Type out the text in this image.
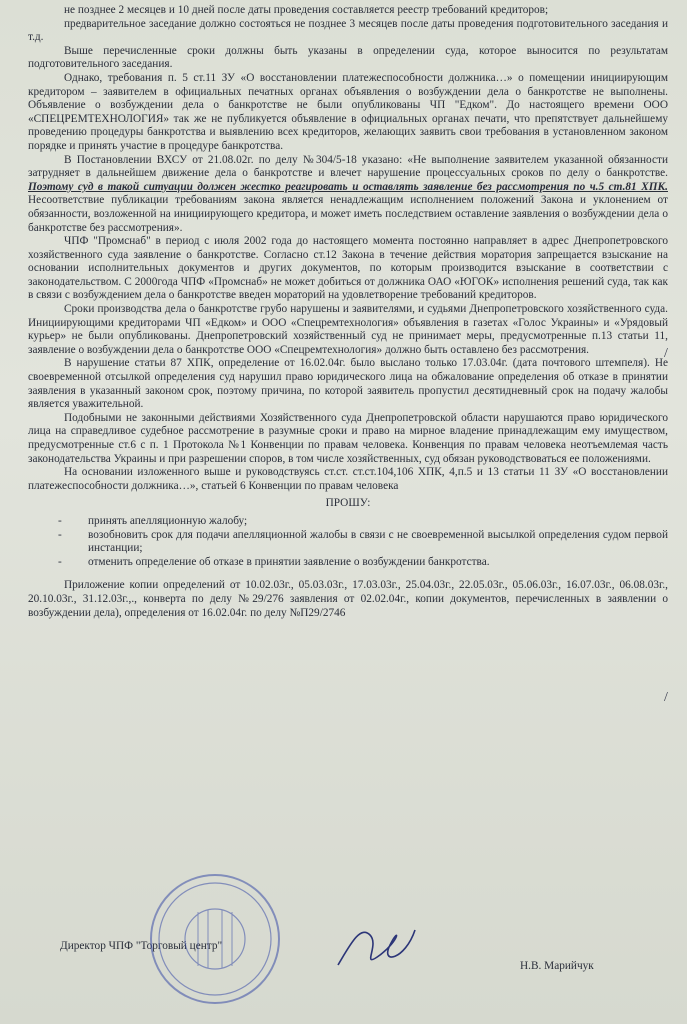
не позднее 2 месяцев и 10 дней после даты проведения составляется реестр требований кредиторов;

предварительное заседание должно состояться не позднее 3 месяцев после даты проведения подготовительного заседания и т.д.

Выше перечисленные сроки должны быть указаны в определении суда, которое выносится по результатам подготовительного заседания.

Однако, требования п. 5 ст.11 ЗУ «О восстановлении платежеспособности должника…» о помещении инициирующим кредитором – заявителем в официальных печатных органах объявления о возбуждении дела о банкротстве не выполнены. Объявление о возбуждении дела о банкротстве не были опубликованы ЧП "Едком". До настоящего времени ООО «СПЕЦРЕМТЕХНОЛОГИЯ» так же не публикуется объявление в официальных органах печати, что препятствует дальнейшему проведению процедуры банкротства и выявлению всех кредиторов, желающих заявить свои требования в установленном законом порядке и принять участие в процедуре банкротства.

В Постановлении ВХСУ от 21.08.02г. по делу №304/5-18 указано: «Не выполнение заявителем указанной обязанности затрудняет в дальнейшем движение дела о банкротстве и влечет нарушение процессуальных сроков по делу о банкротстве. Поэтому суд в такой ситуации должен жестко реагировать и оставлять заявление без рассмотрения по ч.5 ст.81 ХПК. Несоответствие публикации требованиям закона является ненадлежащим исполнением положений Закона и уклонением от обязанности, возложенной на инициирующего кредитора, и может иметь последствием оставление заявления о возбуждении дела о банкротстве без рассмотрения».

ЧПФ "Промснаб" в период с июля 2002 года до настоящего момента постоянно направляет в адрес Днепропетровского хозяйственного суда заявление о банкротстве. Согласно ст.12 Закона в течение действия моратория запрещается взыскание на основании исполнительных документов и других документов, по которым производится взыскание в соответствии с законодательством. С 2000года ЧПФ «Промснаб» не может добиться от должника ОАО «ЮГОК» исполнения решений суда, так как в связи с возбуждением дела о банкротстве введен мораторий на удовлетворение требований кредиторов.

Сроки производства дела о банкротстве грубо нарушены и заявителями, и судьями Днепропетровского хозяйственного суда. Инициирующими кредиторами ЧП «Едком» и ООО «Спецремтехнология» объявления в газетах «Голос Украины» и «Урядовый курьер» не были опубликованы. Днепропетровский хозяйственный суд не принимает меры, предусмотренные п.13 статьи 11, заявление о возбуждении дела о банкротстве ООО «Спецремтехнология» должно быть оставлено без рассмотрения.

В нарушение статьи 87 ХПК, определение от 16.02.04г. было выслано только 17.03.04г. (дата почтового штемпеля). Не своевременной отсылкой определения суд нарушил право юридического лица на обжалование определения об отказе в принятии заявления в указанный законом срок, поэтому причина, по которой заявитель пропустил десятидневный срок на подачу жалобы является уважительной.

Подобными не законными действиями Хозяйственного суда Днепропетровской области нарушаются право юридического лица на справедливое судебное рассмотрение в разумные сроки и право на мирное владение принадлежащим ему имуществом, предусмотренные ст.6 с п. 1 Протокола №1 Конвенции по правам человека. Конвенция по правам человека неотъемлемая часть законодательства Украины и при разрешении споров, в том числе хозяйственных, суд обязан руководствоваться ее положениями.

На основании изложенного выше и руководствуясь ст.ст. ст.ст.104,106 ХПК, 4,п.5 и 13 статьи 11 ЗУ «О восстановлении платежеспособности должника…», статьей 6 Конвенции по правам человека

ПРОШУ:

- принять апелляционную жалобу;
- возобновить срок для подачи апелляционной жалобы в связи с не своевременной высылкой определения судом первой инстанции;
- отменить определение об отказе в принятии заявление о возбуждении банкротства.

Приложение копии определений от 10.02.03г., 05.03.03г., 17.03.03г., 25.04.03г., 22.05.03г., 05.06.03г., 16.07.03г., 06.08.03г., 20.10.03г., 31.12.03г.,., конверта по делу №29/276 заявления от 02.02.04г., копии документов, перечисленных в заявлении о возбуждении дела), определения от 16.02.04г. по делу №П29/2746

Директор ЧПФ "Торговый центр"
Н.В. Марийчук
/
/
